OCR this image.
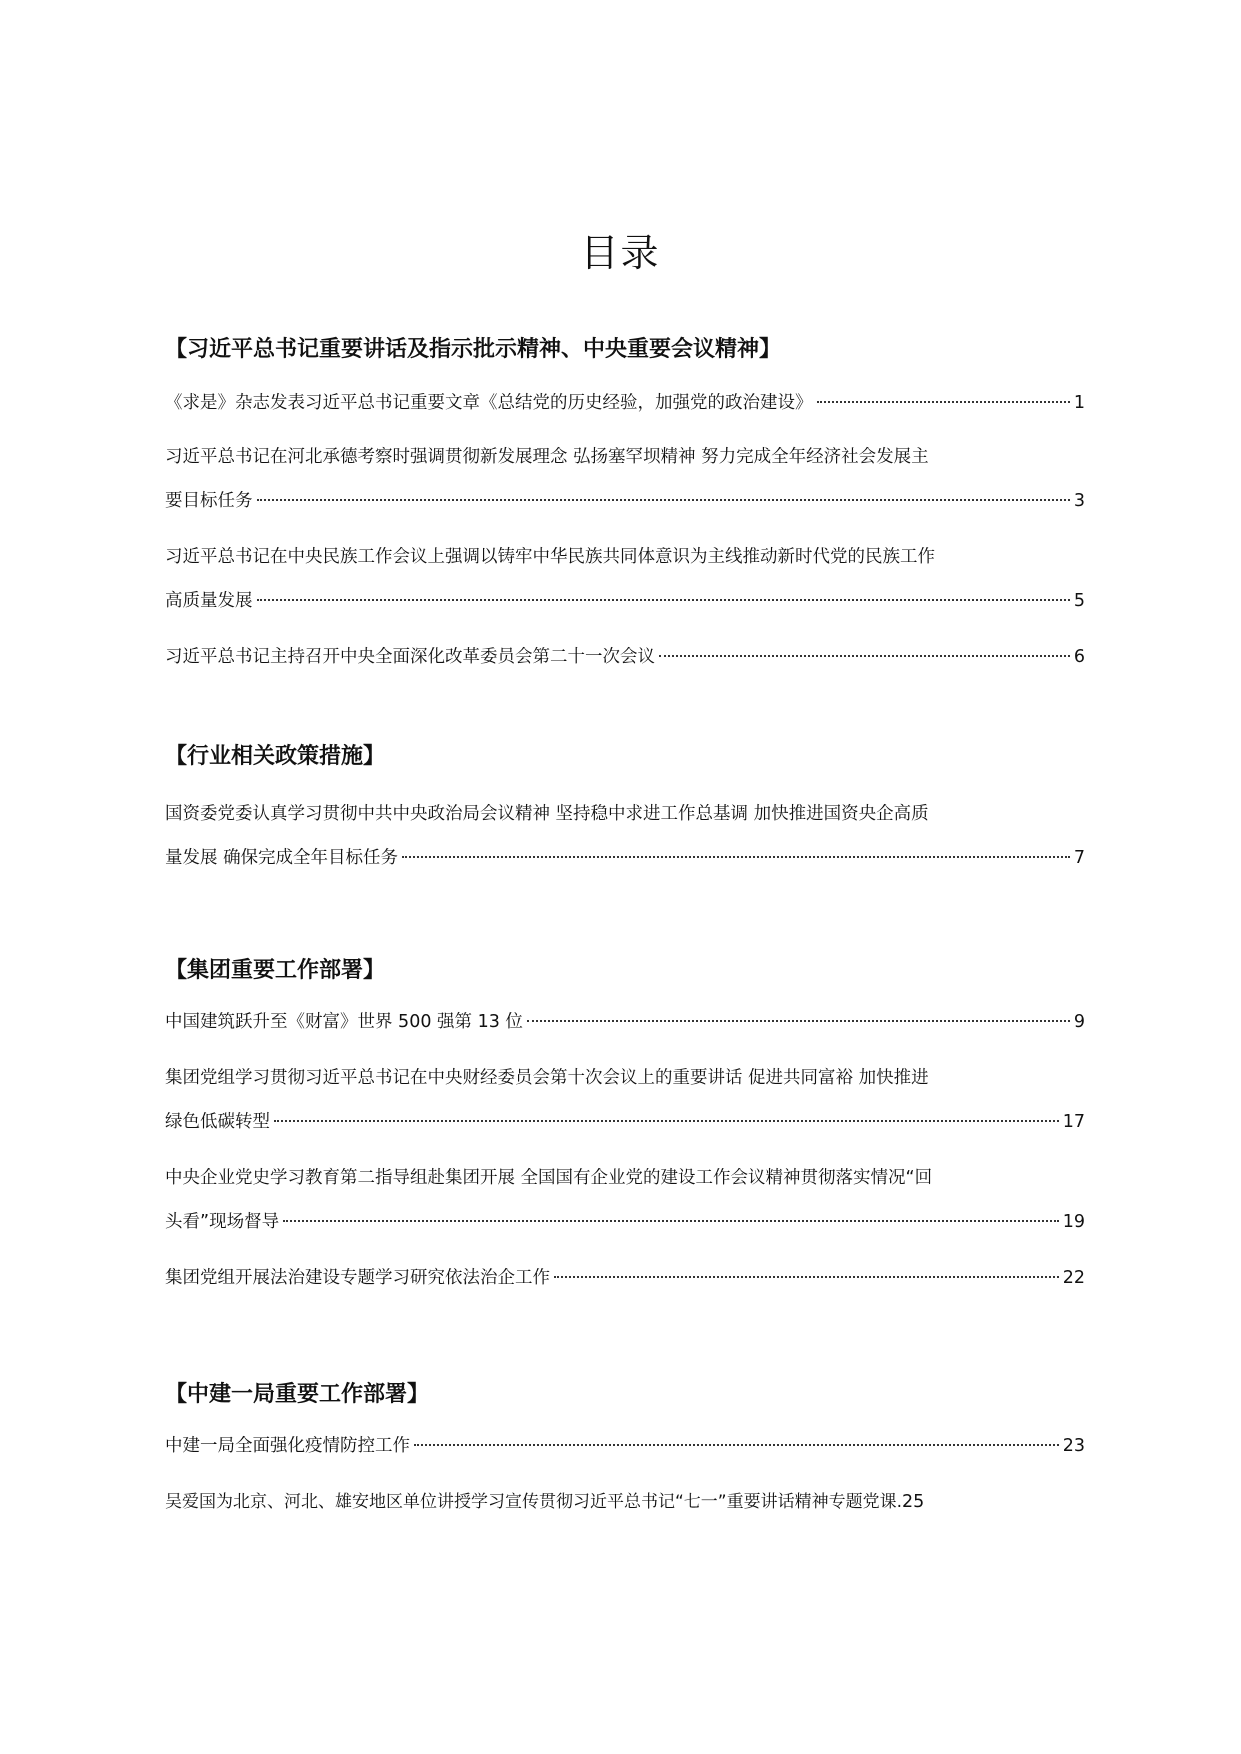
目录
【习近平总书记重要讲话及指示批示精神、中央重要会议精神】
《求是》杂志发表习近平总书记重要文章《总结党的历史经验，加强党的政治建设》	1
习近平总书记在河北承德考察时强调贯彻新发展理念 弘扬塞罕坝精神 努力完成全年经济社会发展主
要目标任务	3
习近平总书记在中央民族工作会议上强调以铸牢中华民族共同体意识为主线推动新时代党的民族工作
高质量发展	5
习近平总书记主持召开中央全面深化改革委员会第二十一次会议	6
【行业相关政策措施】
国资委党委认真学习贯彻中共中央政治局会议精神 坚持稳中求进工作总基调 加快推进国资央企高质
量发展 确保完成全年目标任务	7
【集团重要工作部署】
中国建筑跃升至《财富》世界 500 强第 13 位	9
集团党组学习贯彻习近平总书记在中央财经委员会第十次会议上的重要讲话 促进共同富裕 加快推进
绿色低碳转型	17
中央企业党史学习教育第二指导组赴集团开展 全国国有企业党的建设工作会议精神贯彻落实情况“回
头看”现场督导	19
集团党组开展法治建设专题学习研究依法治企工作	22
【中建一局重要工作部署】
中建一局全面强化疫情防控工作	23
吴爱国为北京、河北、雄安地区单位讲授学习宣传贯彻习近平总书记“七一”重要讲话精神专题党课. 25
